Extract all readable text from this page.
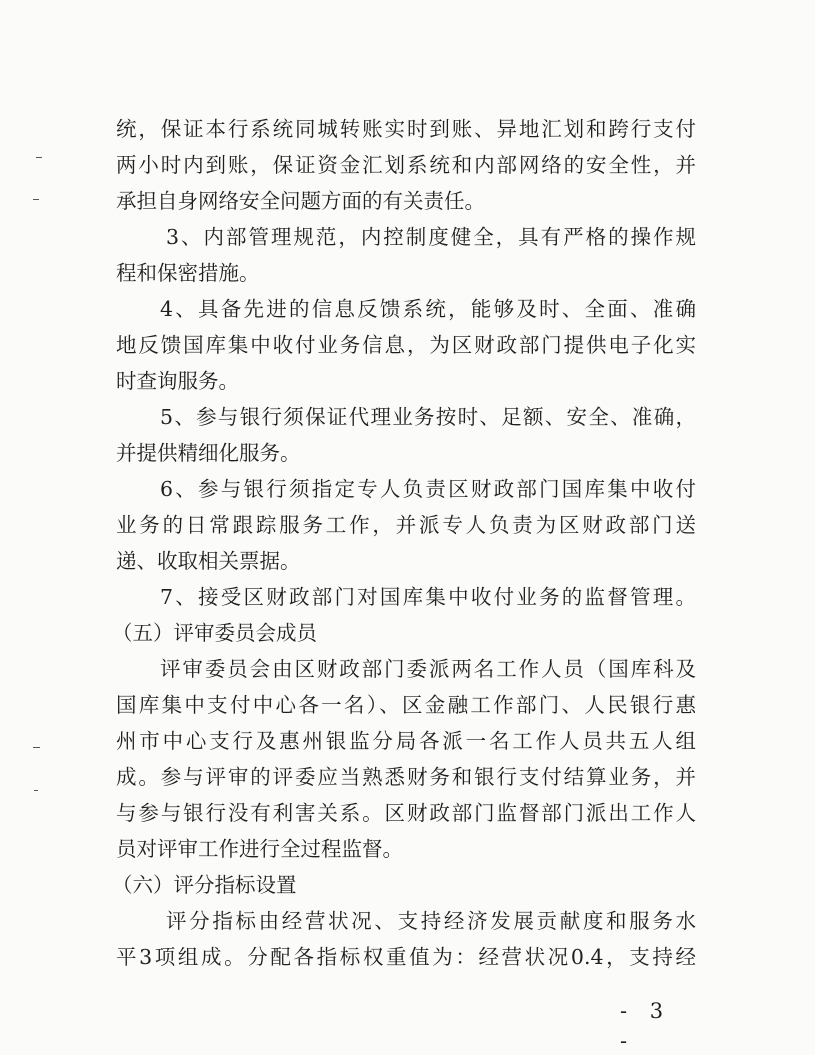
统，保证本行系统同城转账实时到账、异地汇划和跨行支付
两小时内到账，保证资金汇划系统和内部网络的安全性，并
承担自身网络安全问题方面的有关责任。
3、内部管理规范，内控制度健全，具有严格的操作规
程和保密措施。
4、具备先进的信息反馈系统，能够及时、全面、准确
地反馈国库集中收付业务信息，为区财政部门提供电子化实
时查询服务。
5、参与银行须保证代理业务按时、足额、安全、准确，
并提供精细化服务。
6、参与银行须指定专人负责区财政部门国库集中收付
业务的日常跟踪服务工作，并派专人负责为区财政部门送
递、收取相关票据。
7、接受区财政部门对国库集中收付业务的监督管理。
（五）评审委员会成员
评审委员会由区财政部门委派两名工作人员（国库科及
国库集中支付中心各一名）、区金融工作部门、人民银行惠
州市中心支行及惠州银监分局各派一名工作人员共五人组
成。参与评审的评委应当熟悉财务和银行支付结算业务，并
与参与银行没有利害关系。区财政部门监督部门派出工作人
员对评审工作进行全过程监督。
（六）评分指标设置
评分指标由经营状况、支持经济发展贡献度和服务水
平3项组成。分配各指标权重值为：经营状况0.4，支持经
- 3 -
